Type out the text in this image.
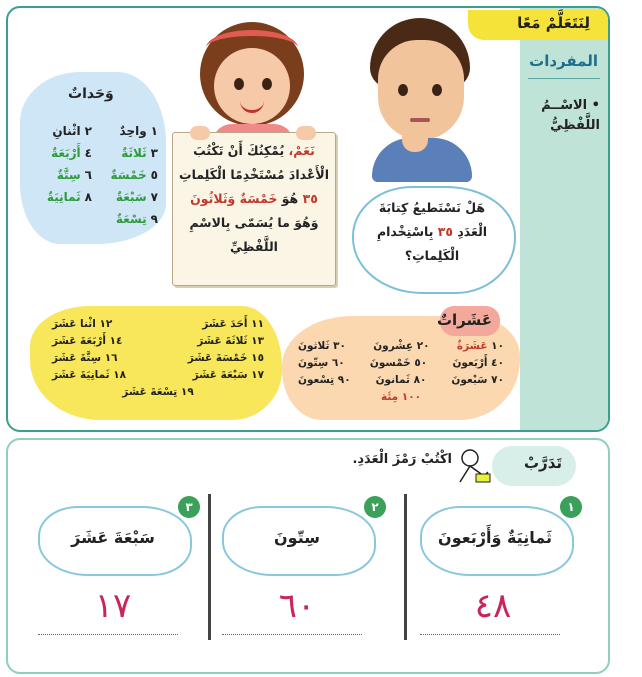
لِنَتَعَلَّمْ مَعًا
المفردات
• الاسْــمُ اللَّفْظِيُّ
وَحَداتٌ
١واحِدٌ
٢اثْنانِ
٣ثَلاثَةٌ
٤أَرْبَعَةٌ
٥خَمْسَةٌ
٦سِتَّةٌ
٧سَبْعَةٌ
٨ثَمانِيَةٌ
٩تِسْعَةٌ
نَعَمْ، يُمْكِنُكَ أَنْ تَكْتُبَ
الْأَعْدادَ مُسْتَخْدِمًا الْكَلِماتِ
٣٥ هُوَ خَمْسَةٌ وَثَلاثُونَ
وَهُوَ ما يُسَمّى بِالاسْمِ
اللَّفْظِيِّ
هَلْ نَسْتَطيعُ كِتابَةَ
الْعَدَدِ ٣٥ بِاسْتِخْدامِ
الْكَلِماتِ؟
١١ أَحَدَ عَشَرَ
١٢ اثْنا عَشَرَ
١٣ ثَلاثَةَ عَشَرَ
١٤ أَرْبَعَةَ عَشَرَ
١٥ خَمْسَةَ عَشَرَ
١٦ سِتَّةَ عَشَرَ
١٧ سَبْعَةَ عَشَرَ
١٨ ثَمانِيَةَ عَشَرَ
١٩ تِسْعَةَ عَشَرَ
عَشَراتٌ
١٠ عَشَرَةٌ
٢٠ عِشْرونَ
٣٠ ثَلاثونَ
٤٠ أَرْبَعونَ
٥٠ خَمْسونَ
٦٠ سِتّونَ
٧٠ سَبْعونَ
٨٠ ثَمانونَ
٩٠ تِسْعونَ
١٠٠ مِئَة
تَدَرَّبْ
اكْتُبْ رَمْزَ الْعَدَدِ.
١
ثَمانِيَةٌ وَأَرْبَعونَ
٤٨
٢
سِتّونَ
٦٠
٣
سَبْعَةَ عَشَرَ
١٧
